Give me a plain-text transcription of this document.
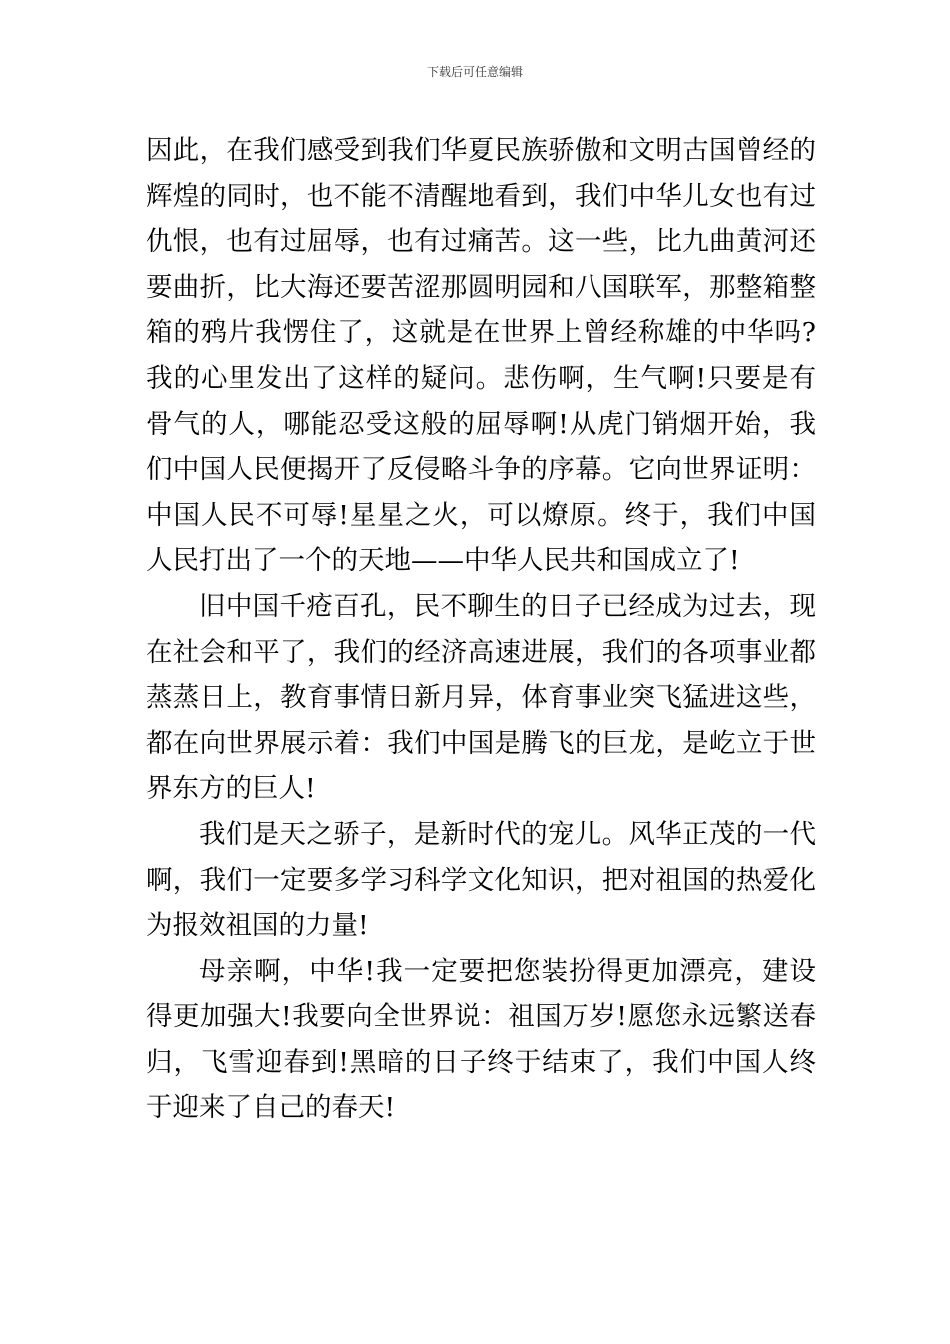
下载后可任意编辑

因此，在我们感受到我们华夏民族骄傲和文明古国曾经的辉煌的同时，也不能不清醒地看到，我们中华儿女也有过仇恨，也有过屈辱，也有过痛苦。这一些，比九曲黄河还要曲折，比大海还要苦涩那圆明园和八国联军，那整箱整箱的鸦片我愣住了，这就是在世界上曾经称雄的中华吗?我的心里发出了这样的疑问。悲伤啊，生气啊!只要是有骨气的人，哪能忍受这般的屈辱啊!从虎门销烟开始，我们中国人民便揭开了反侵略斗争的序幕。它向世界证明：中国人民不可辱!星星之火，可以燎原。终于，我们中国人民打出了一个的天地——中华人民共和国成立了!

旧中国千疮百孔，民不聊生的日子已经成为过去，现在社会和平了，我们的经济高速进展，我们的各项事业都蒸蒸日上，教育事情日新月异，体育事业突飞猛进这些，都在向世界展示着：我们中国是腾飞的巨龙，是屹立于世界东方的巨人!

我们是天之骄子，是新时代的宠儿。风华正茂的一代啊，我们一定要多学习科学文化知识，把对祖国的热爱化为报效祖国的力量!

母亲啊，中华!我一定要把您装扮得更加漂亮，建设得更加强大!我要向全世界说：祖国万岁!愿您永远繁送春归，飞雪迎春到!黑暗的日子终于结束了，我们中国人终于迎来了自己的春天!
